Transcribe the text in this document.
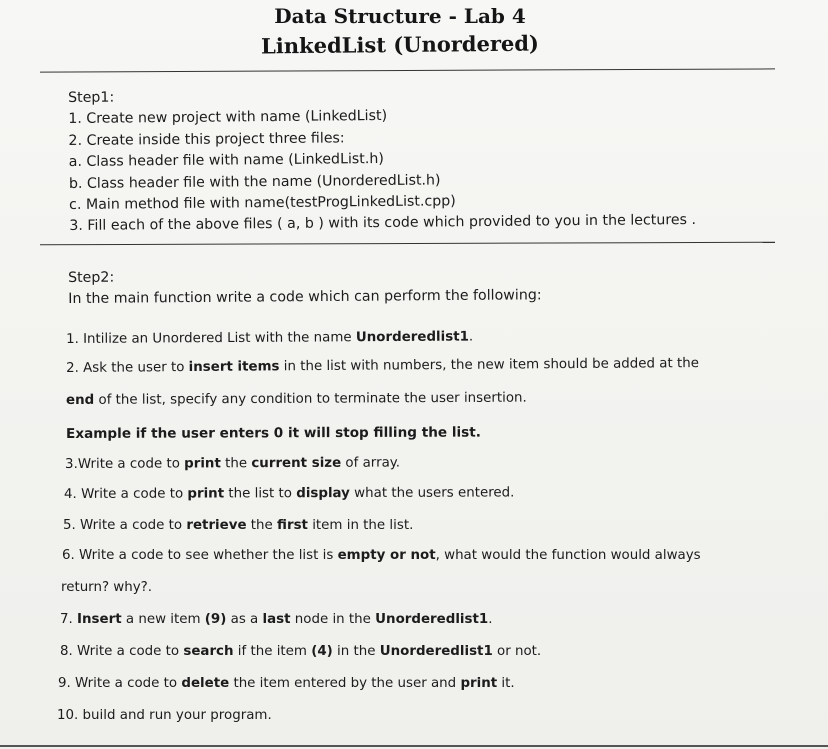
Data Structure - Lab 4
LinkedList (Unordered)
Step1:
1. Create new project with name (LinkedList)
2. Create inside this project three files:
a. Class header file with name (LinkedList.h)
b. Class header file with the name (UnorderedList.h)
c. Main method file with name(testProgLinkedList.cpp)
3. Fill each of the above files ( a, b ) with its code which provided to you in the lectures .
Step2:
In the main function write a code which can perform the following:
1. Intilize an Unordered List with the name Unorderedlist1.
2. Ask the user to insert items in the list with numbers, the new item should be added at the
end of the list, specify any condition to terminate the user insertion.
Example if the user enters 0 it will stop filling the list.
3.Write a code to print the current size of array.
4. Write a code to print the list to display what the users entered.
5. Write a code to retrieve the first item in the list.
6. Write a code to see whether the list is empty or not, what would the function would always
return? why?.
7. Insert a new item (9) as a last node in the Unorderedlist1.
8. Write a code to search if the item (4) in the Unorderedlist1 or not.
9. Write a code to delete the item entered by the user and print it.
10. build and run your program.
